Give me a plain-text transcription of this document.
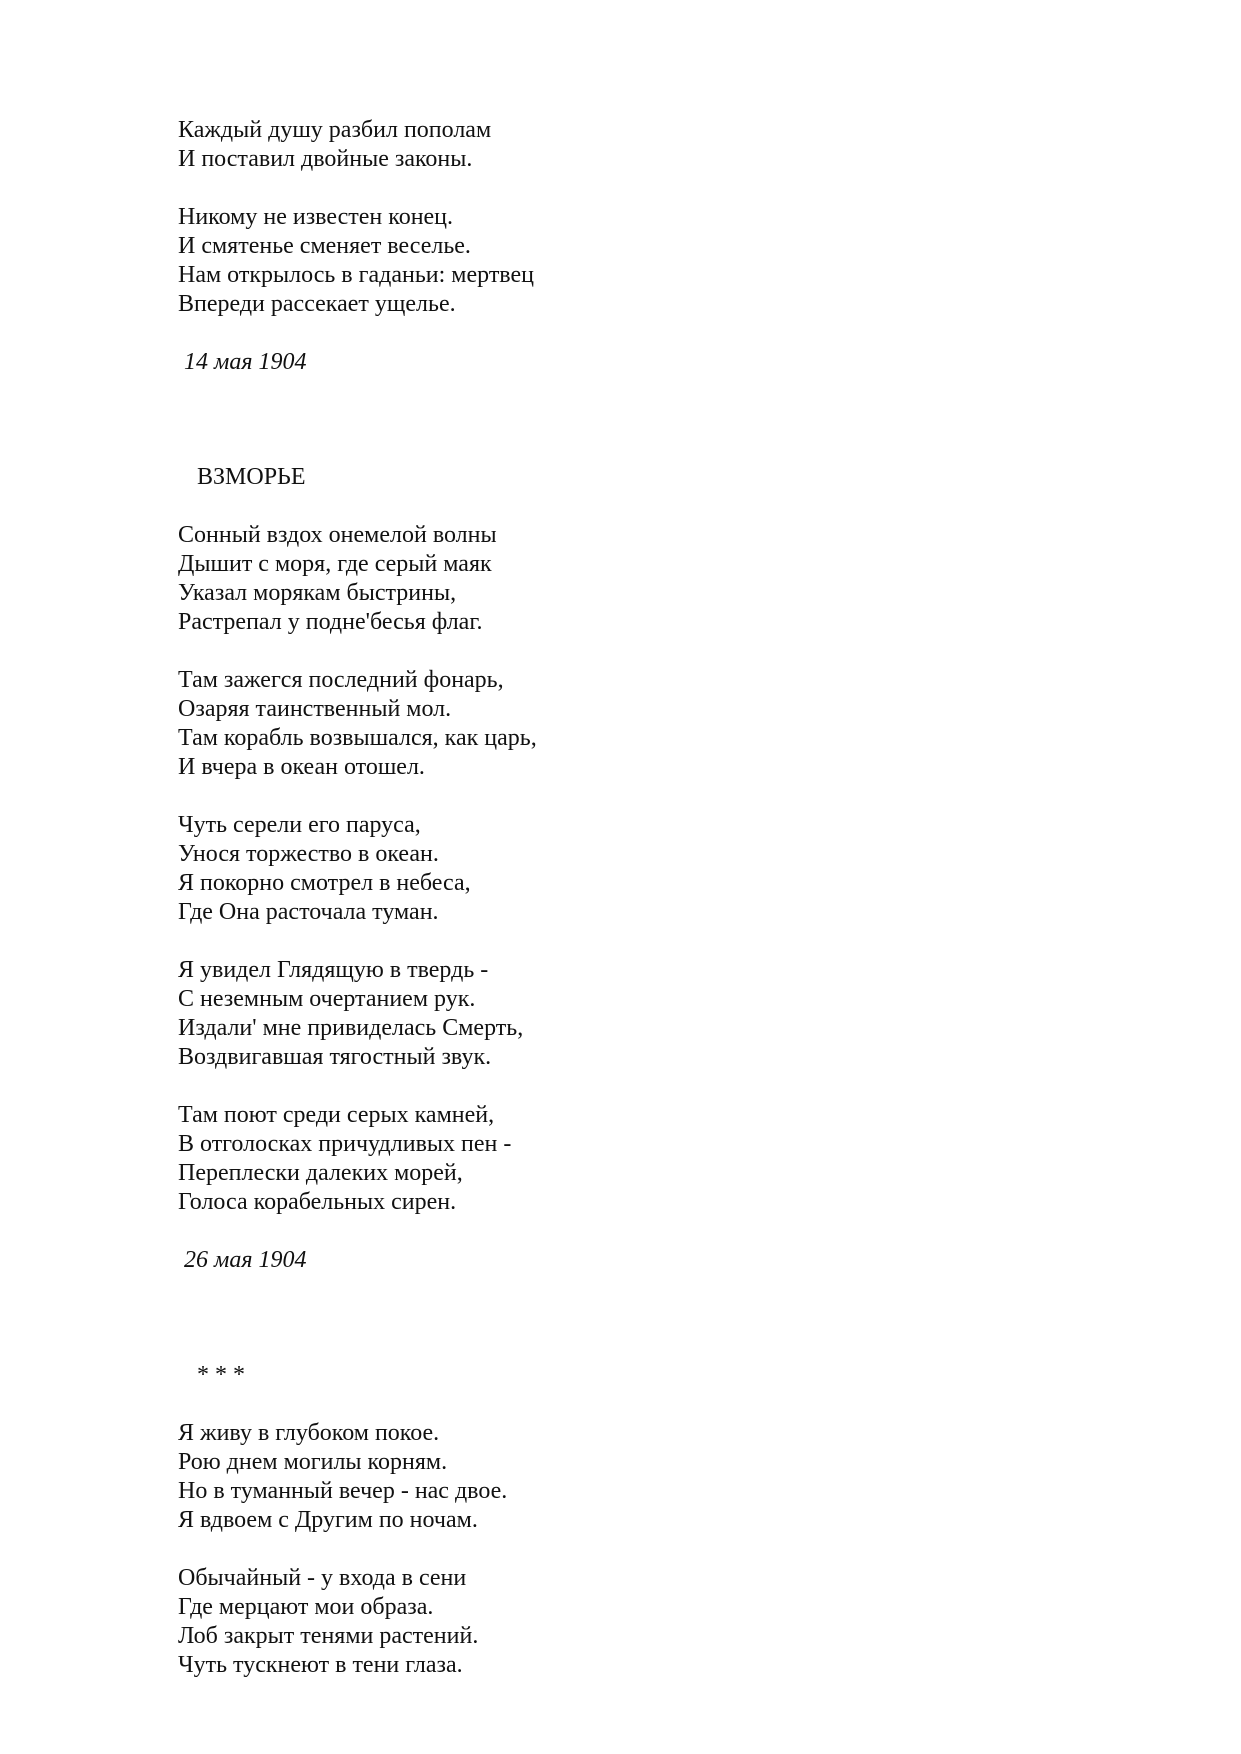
Каждый душу разбил пополам
И поставил двойные законы.
Никому не известен конец.
И смятенье сменяет веселье.
Нам открылось в гаданьи: мертвец
Впереди рассекает ущелье.
14 мая 1904
ВЗМОРЬЕ
Сонный вздох онемелой волны
Дышит с моря, где серый маяк
Указал морякам быстрины,
Растрепал у подне'бесья флаг.
Там зажегся последний фонарь,
Озаряя таинственный мол.
Там корабль возвышался, как царь,
И вчера в океан отошел.
Чуть серели его паруса,
Унося торжество в океан.
Я покорно смотрел в небеса,
Где Она расточала туман.
Я увидел Глядящую в твердь -
С неземным очертанием рук.
Издали' мне привиделась Смерть,
Воздвигавшая тягостный звук.
Там поют среди серых камней,
В отголосках причудливых пен -
Переплески далеких морей,
Голоса корабельных сирен.
26 мая 1904
* * *
Я живу в глубоком покое.
Рою днем могилы корням.
Но в туманный вечер - нас двое.
Я вдвоем с Другим по ночам.
Обычайный - у входа в сени
Где мерцают мои образа.
Лоб закрыт тенями растений.
Чуть тускнеют в тени глаза.
